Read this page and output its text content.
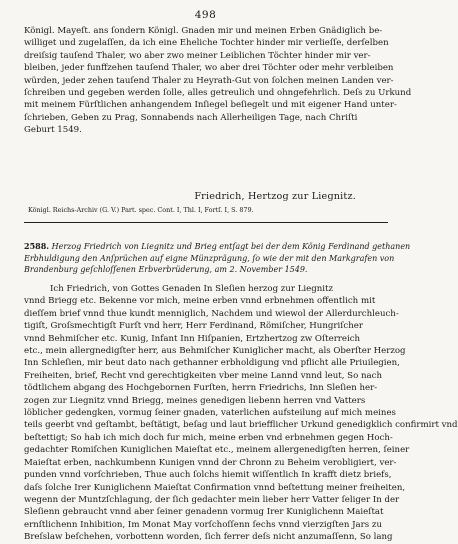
498
Königl. Mayeſt. ans ſondern Königl. Gnaden mir und meinen Erben Gnädiglich be-
williget und zugelaſſen, da ich eine Eheliche Tochter hinder mir verlieſſe, derſelben
dreiſsig tauſend Thaler, wo aber zwo meiner Leiblichen Töchter hinder mir ver-
bleiben, jeder funffzehen tauſend Thaler, wo aber drei Töchter oder mehr verbleiben
würden, jeder zehen tauſend Thaler zu Heyrath-Gut von ſolchen meinen Landen ver-
ſchreiben und gegeben werden ſolle, alles getreulich und ohngefehrlich. Deſs zu Urkund
mit meinem Fürſtlichen anhangendem Inſiegel beſiegelt und mit eigener Hand unter-
ſchrieben, Geben zu Prag, Sonnabends nach Allerheiligen Tage, nach Chriſti
Geburt 1549.
Friedrich, Hertzog zur Liegnitz.
Königl. Reichs-Archiv (G. V.) Part. spec. Cont. I, Thl. I, Fortſ. I, S. 879.
2588. Herzog Friedrich von Liegnitz und Brieg entſagt bei der dem König Ferdinand gethanen
Erbhuldigung den Anſprüchen auf eigne Münzprägung, ſo wie der mit den Markgrafen von
Brandenburg geſchloſſenen Erbverbrüderung, am 2. November 1549.
Ich Friedrich, von Gottes Genaden In Sleſien herzog zur Liegnitz
vnnd Briegg etc. Bekenne vor mich, meine erben vnnd erbnehmen offentlich mit
dieſſem brief vnnd thue kundt menniglich, Nachdem und wiewol der Allerdurchleuch-
tigiſt, Groſsmechtigſt Furſt vnd herr, Herr Ferdinand, Römiſcher, Hungriſcher
vnnd Behmiſcher etc. Kunig, Infant Inn Hiſpanien, Ertzhertzog zw Oſterreich
etc., mein allergnedigſter herr, aus Behmiſcher Kuniglicher macht, als Oberſter Herzog
Inn Schleſien, mir beut dato nach gethanner erbholdigung vnd pflicht alle Priuilegien,
Freiheiten, brief, Recht vnd gerechtigkeiten vber meine Lannd vnnd leut, So nach
tödtlichem abgang des Hochgebornen Furſten, herrn Friedrichs, Inn Sleſien her-
zogen zur Liegnitz vnnd Briegg, meines genedigen liebenn herren vnd Vatters
löblicher gedengken, vormug ſeiner gnaden, vaterlichen aufsteilung auf mich meines
teils geerbt vnd geſtambt, beſtätigt, beſag und laut briefflicher Urkund genedigklich confirmirt vnd
beſtettigt; So hab ich mich doch fur mich, meine erben vnd erbnehmen gegen Hoch-
gedachter Romiſchen Kuniglichen Maieſtat etc., meinem allergenedigſten herren, ſeiner
Maieſtat erben, nachkumbenn Kunigen vnnd der Chronn zu Beheim verobligiert, ver-
punden vnnd vorſchrieben, Thue auch ſolchs hiemit wiſſentlich In krafft dietz briefs,
daſs ſolche Irer Kuniglichenn Maieſtat Confirmation vnnd beſtettung meiner freiheiten,
wegenn der Muntzſchlagung, der ſich gedachter mein lieber herr Vatter ſeliger In der
Sleſienn gebraucht vnnd aber ſeiner genadenn vormug Irer Kuniglichenn Maieſtat
ernſtlichenn Inhibition, Im Monat May vorſchoſſenn ſechs vnnd vierzigſten Jars zu
Breſslaw beſchehen, vorbottenn worden, ſich ferrer deſs nicht anzumaſſenn, So lang
